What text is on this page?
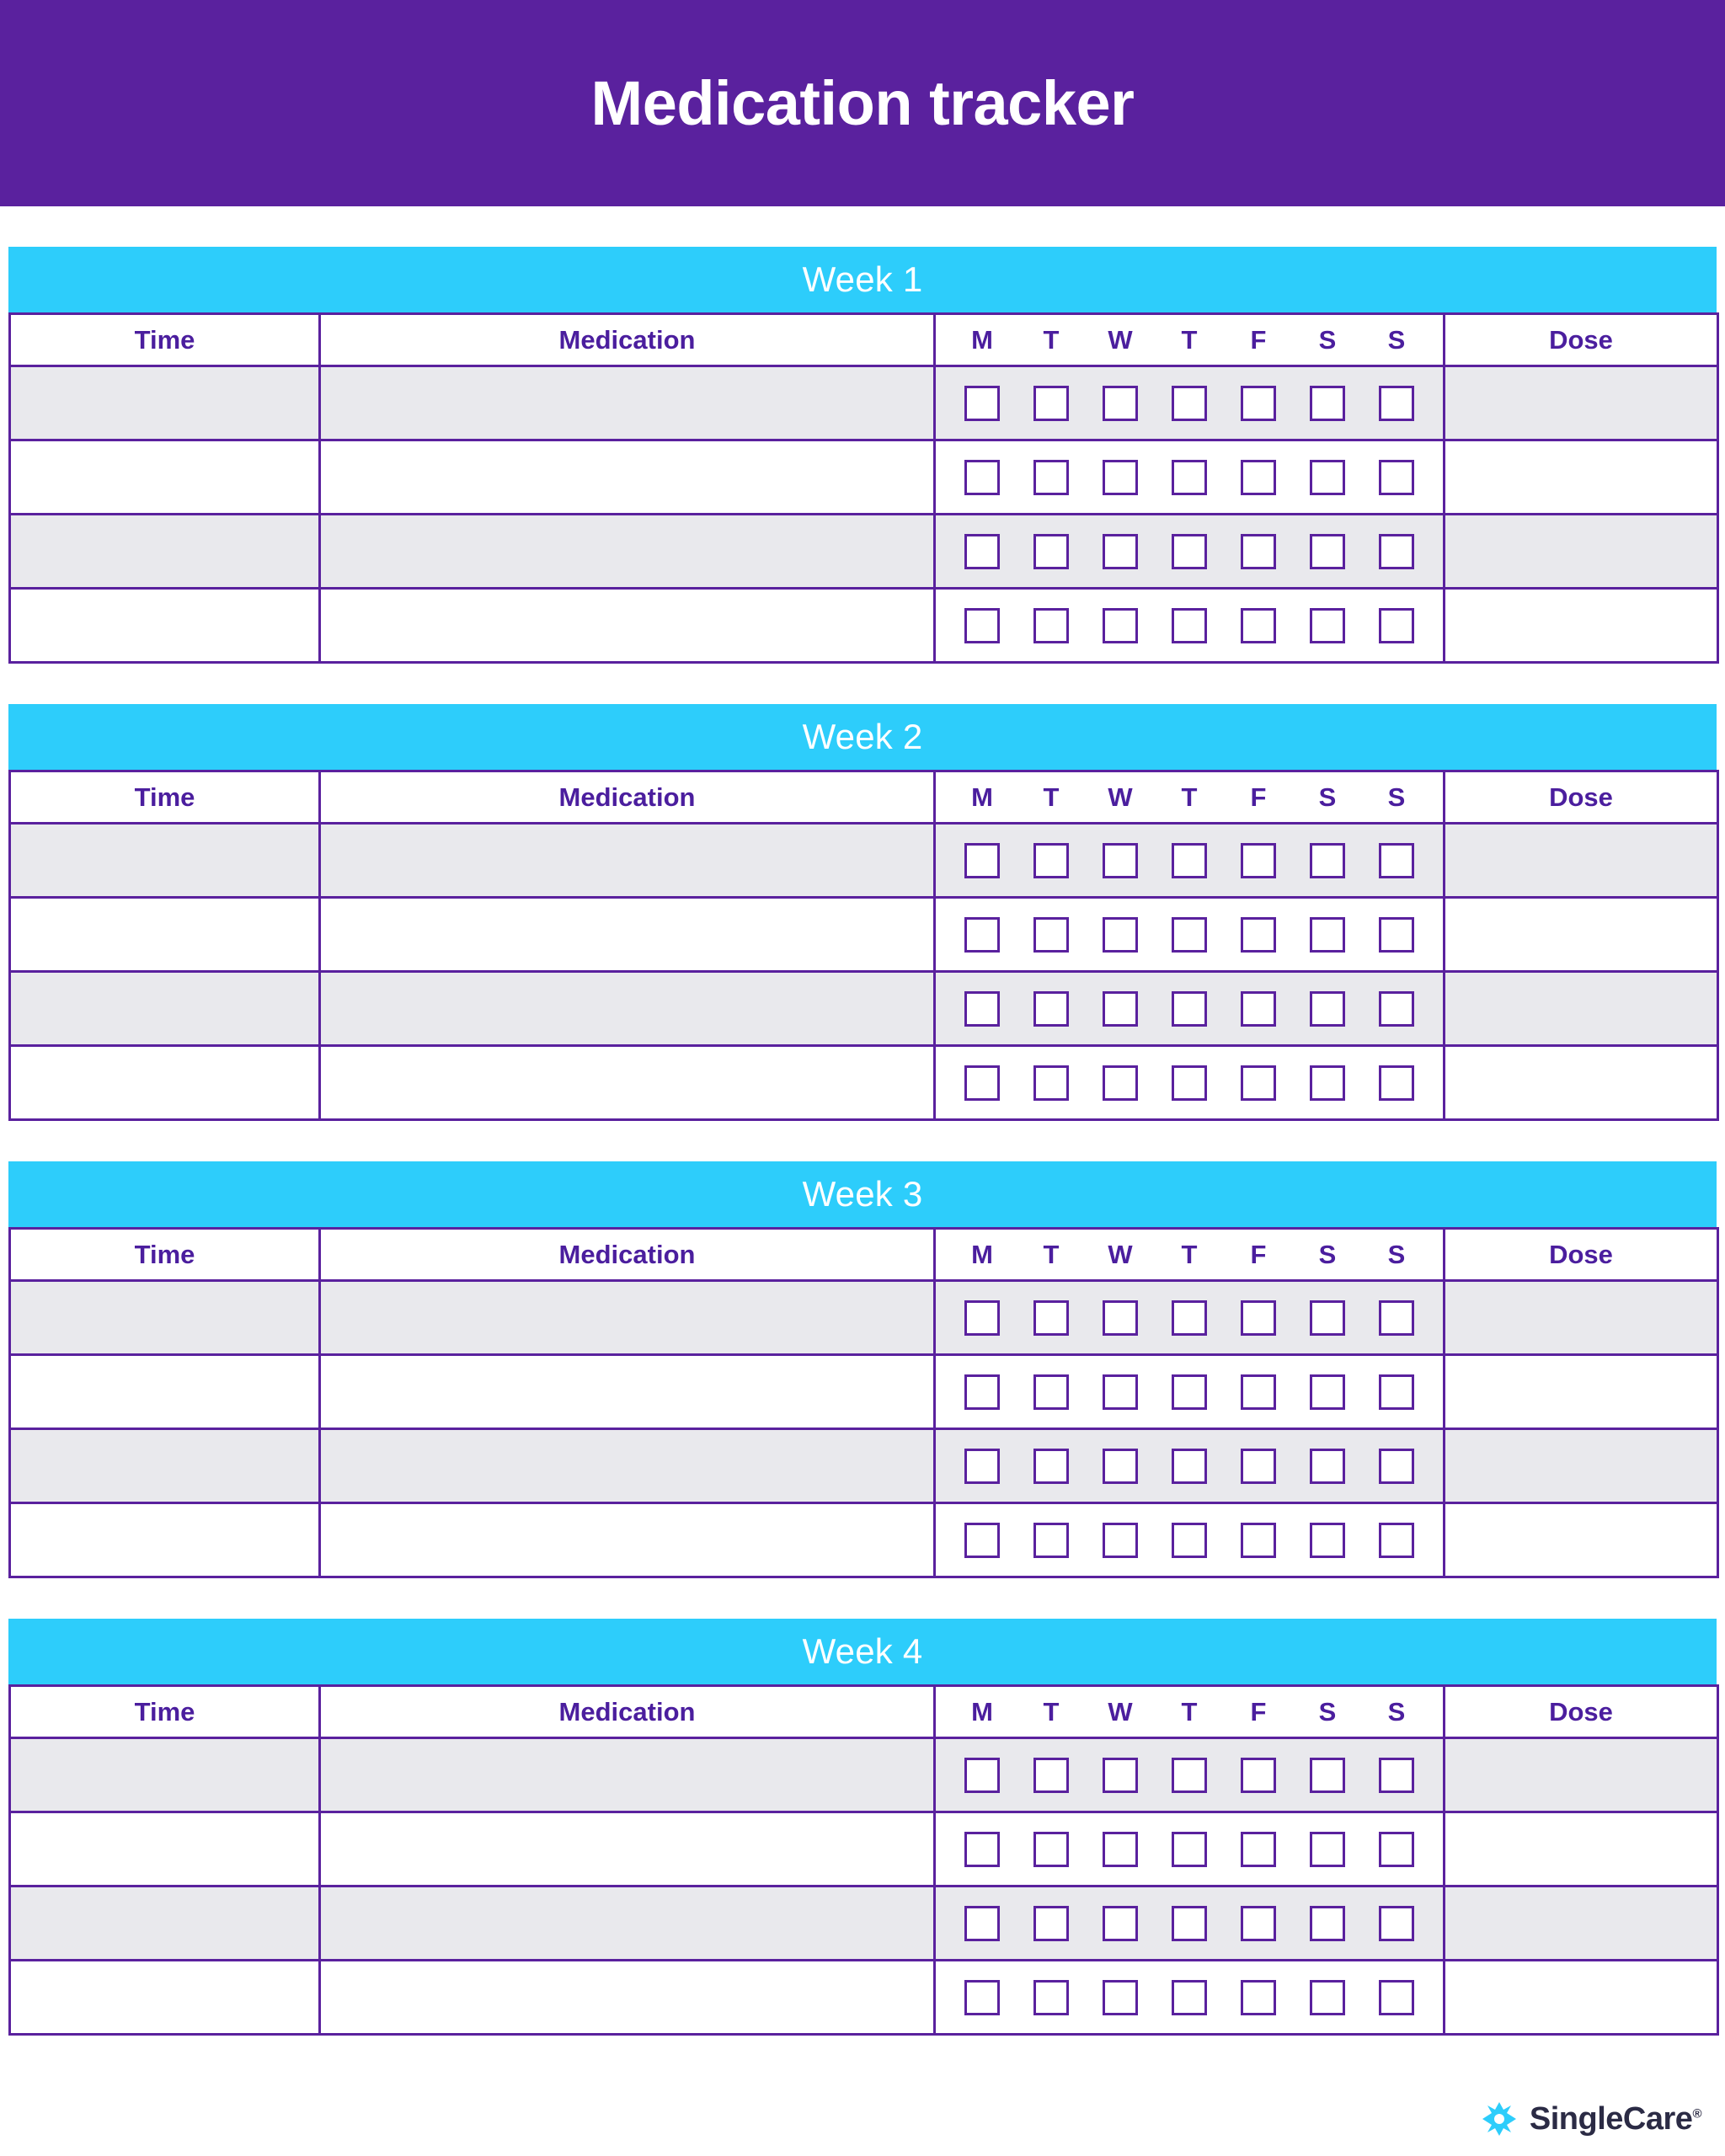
Medication tracker
Week 1
Time	Medication	M	T	W	T	F	S	S	Dose

Week 2
Time	Medication	M	T	W	T	F	S	S	Dose

Week 3
Time	Medication	M	T	W	T	F	S	S	Dose

Week 4
Time	Medication	M	T	W	T	F	S	S	Dose

SingleCare®
